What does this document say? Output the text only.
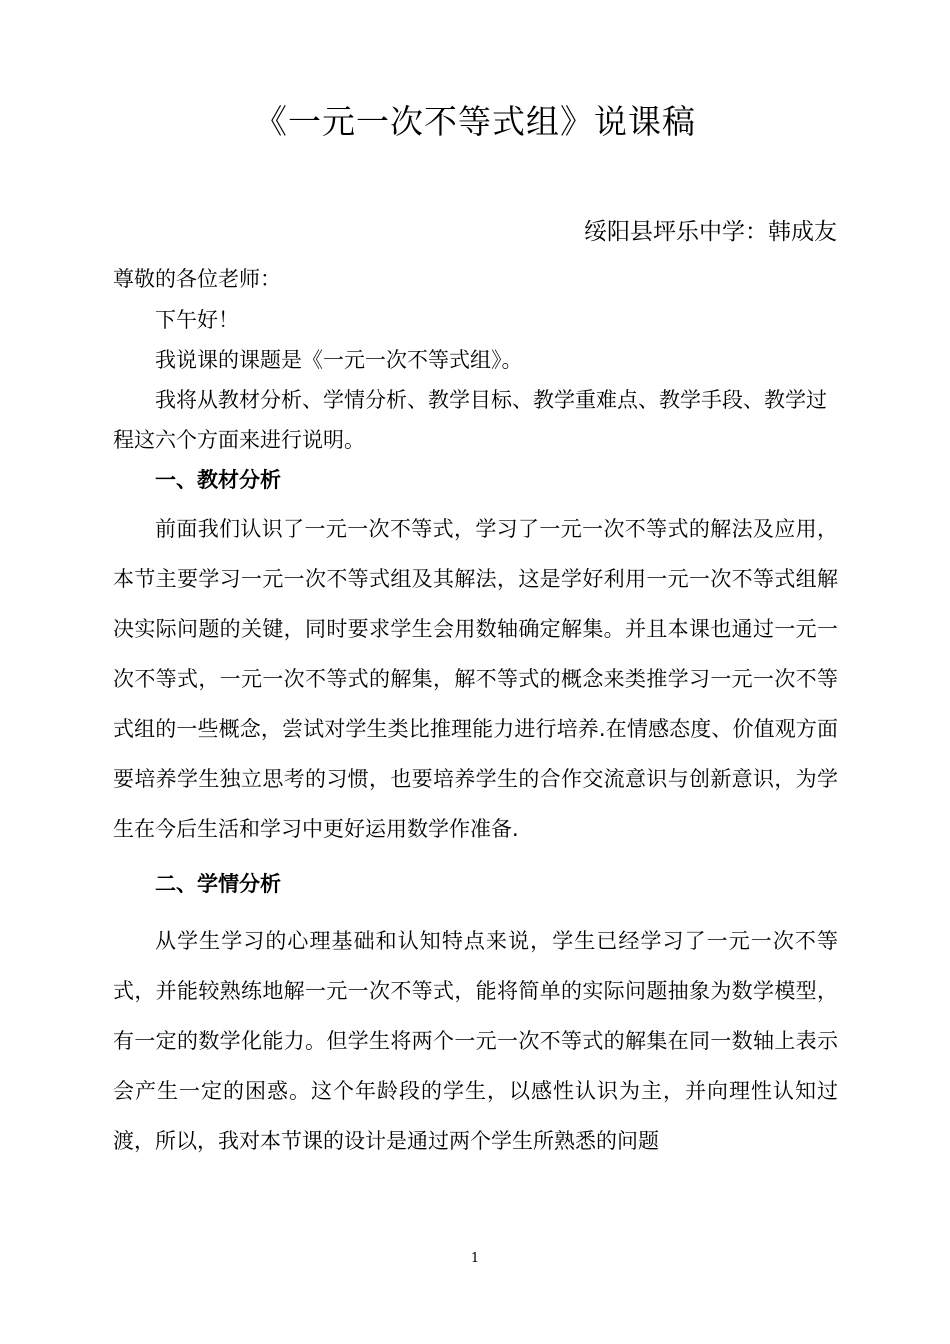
《一元一次不等式组》说课稿

绥阳县坪乐中学：韩成友

尊敬的各位老师：

下午好！

我说课的课题是《一元一次不等式组》。

我将从教材分析、学情分析、教学目标、教学重难点、教学手段、教学过程这六个方面来进行说明。

一、教材分析

前面我们认识了一元一次不等式，学习了一元一次不等式的解法及应用，本节主要学习一元一次不等式组及其解法，这是学好利用一元一次不等式组解决实际问题的关键，同时要求学生会用数轴确定解集。并且本课也通过一元一次不等式，一元一次不等式的解集，解不等式的概念来类推学习一元一次不等式组的一些概念，尝试对学生类比推理能力进行培养.在情感态度、价值观方面要培养学生独立思考的习惯，也要培养学生的合作交流意识与创新意识，为学生在今后生活和学习中更好运用数学作准备.

二、学情分析

从学生学习的心理基础和认知特点来说，学生已经学习了一元一次不等式，并能较熟练地解一元一次不等式，能将简单的实际问题抽象为数学模型，有一定的数学化能力。但学生将两个一元一次不等式的解集在同一数轴上表示会产生一定的困惑。这个年龄段的学生，以感性认识为主，并向理性认知过渡，所以，我对本节课的设计是通过两个学生所熟悉的问题

1
